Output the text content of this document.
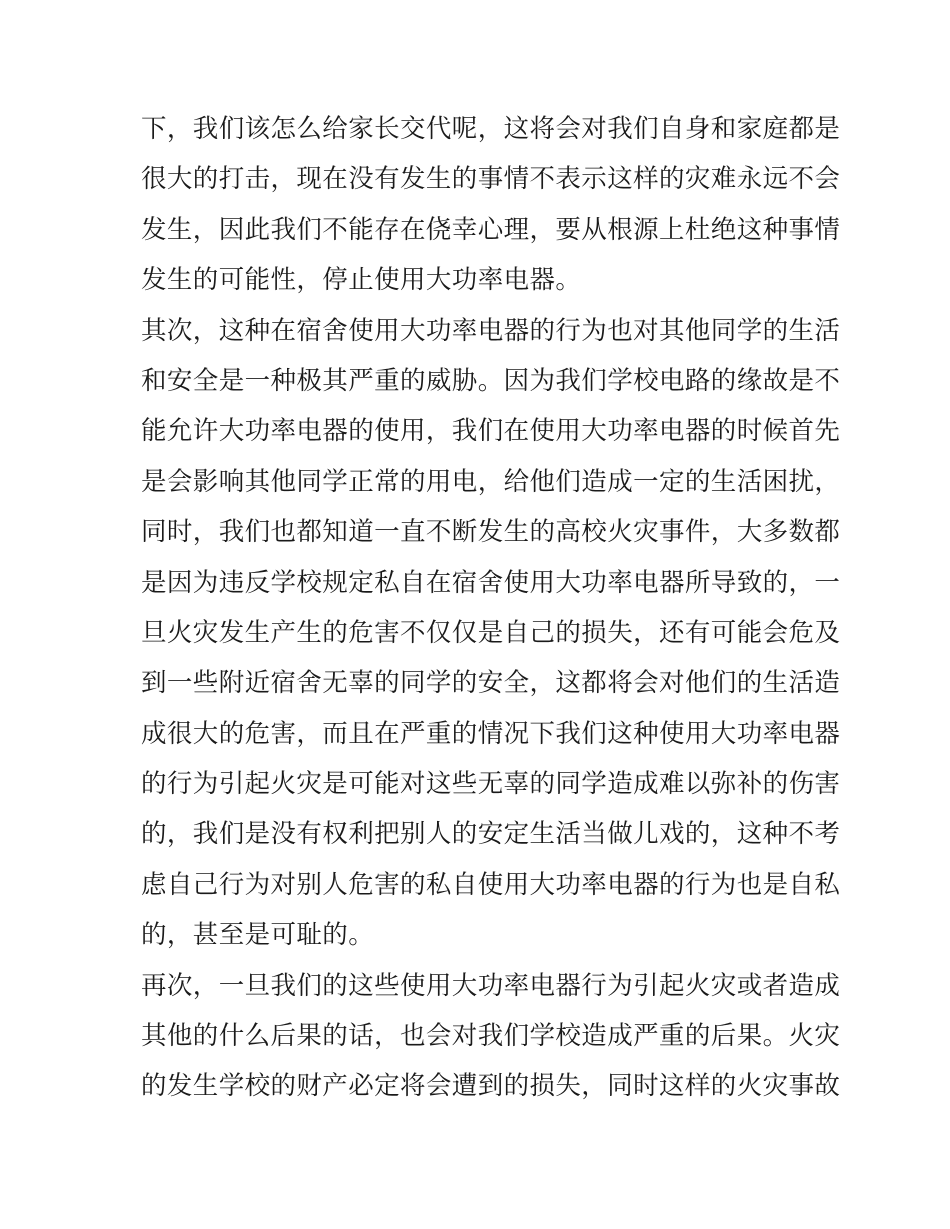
下，我们该怎么给家长交代呢，这将会对我们自身和家庭都是
很大的打击，现在没有发生的事情不表示这样的灾难永远不会
发生，因此我们不能存在侥幸心理，要从根源上杜绝这种事情
发生的可能性，停止使用大功率电器。
其次，这种在宿舍使用大功率电器的行为也对其他同学的生活
和安全是一种极其严重的威胁。因为我们学校电路的缘故是不
能允许大功率电器的使用，我们在使用大功率电器的时候首先
是会影响其他同学正常的用电，给他们造成一定的生活困扰，
同时，我们也都知道一直不断发生的高校火灾事件，大多数都
是因为违反学校规定私自在宿舍使用大功率电器所导致的，一
旦火灾发生产生的危害不仅仅是自己的损失，还有可能会危及
到一些附近宿舍无辜的同学的安全，这都将会对他们的生活造
成很大的危害，而且在严重的情况下我们这种使用大功率电器
的行为引起火灾是可能对这些无辜的同学造成难以弥补的伤害
的，我们是没有权利把别人的安定生活当做儿戏的，这种不考
虑自己行为对别人危害的私自使用大功率电器的行为也是自私
的，甚至是可耻的。
再次，一旦我们的这些使用大功率电器行为引起火灾或者造成
其他的什么后果的话，也会对我们学校造成严重的后果。火灾
的发生学校的财产必定将会遭到的损失，同时这样的火灾事故
